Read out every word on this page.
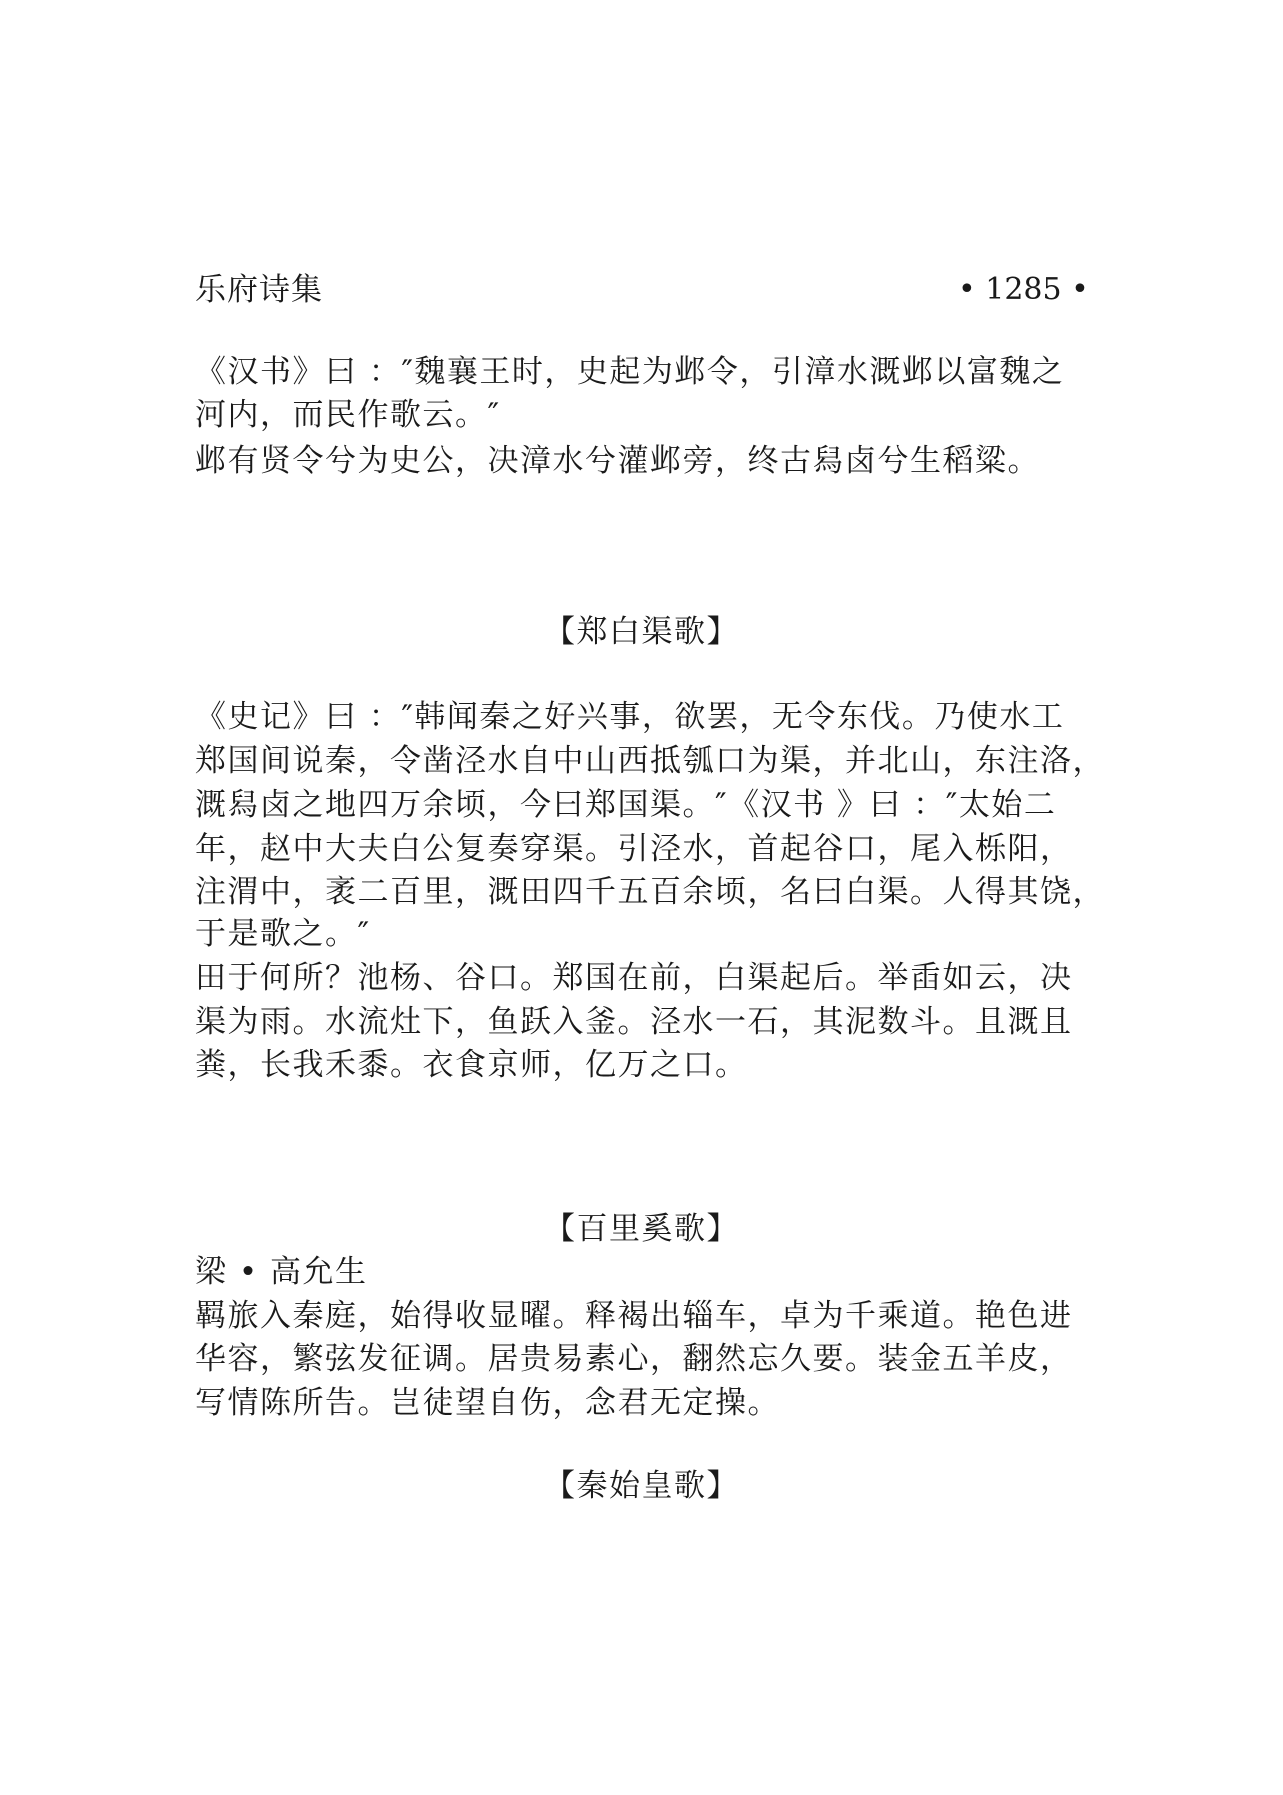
乐府诗集	• 1285 •
《汉书》曰 ：″魏襄王时，史起为邺令，引漳水溉邺以富魏之
河内，而民作歌云。″
邺有贤令兮为史公，决漳水兮灌邺旁，终古舄卤兮生稻粱。
【郑白渠歌】
《史记》曰 ：″韩闻秦之好兴事，欲罢，无令东伐。乃使水工
郑国间说秦，令凿泾水自中山西抵瓠口为渠，并北山，东注洛，
溉舄卤之地四万余顷，今曰郑国渠。″《汉书 》曰 ：″太始二
年，赵中大夫白公复奏穿渠。引泾水，首起谷口，尾入栎阳，
注渭中，袤二百里，溉田四千五百余顷，名曰白渠。人得其饶，
于是歌之。″
田于何所？池杨、谷口。郑国在前，白渠起后。举臿如云，决
渠为雨。水流灶下，鱼跃入釜。泾水一石，其泥数斗。且溉且
粪，长我禾黍。衣食京师，亿万之口。
【百里奚歌】
梁 • 高允生
羁旅入秦庭，始得收显曜。释褐出辎车，卓为千乘道。艳色进
华容，繁弦发征调。居贵易素心，翻然忘久要。装金五羊皮，
写情陈所告。岂徒望自伤，念君无定操。
【秦始皇歌】
